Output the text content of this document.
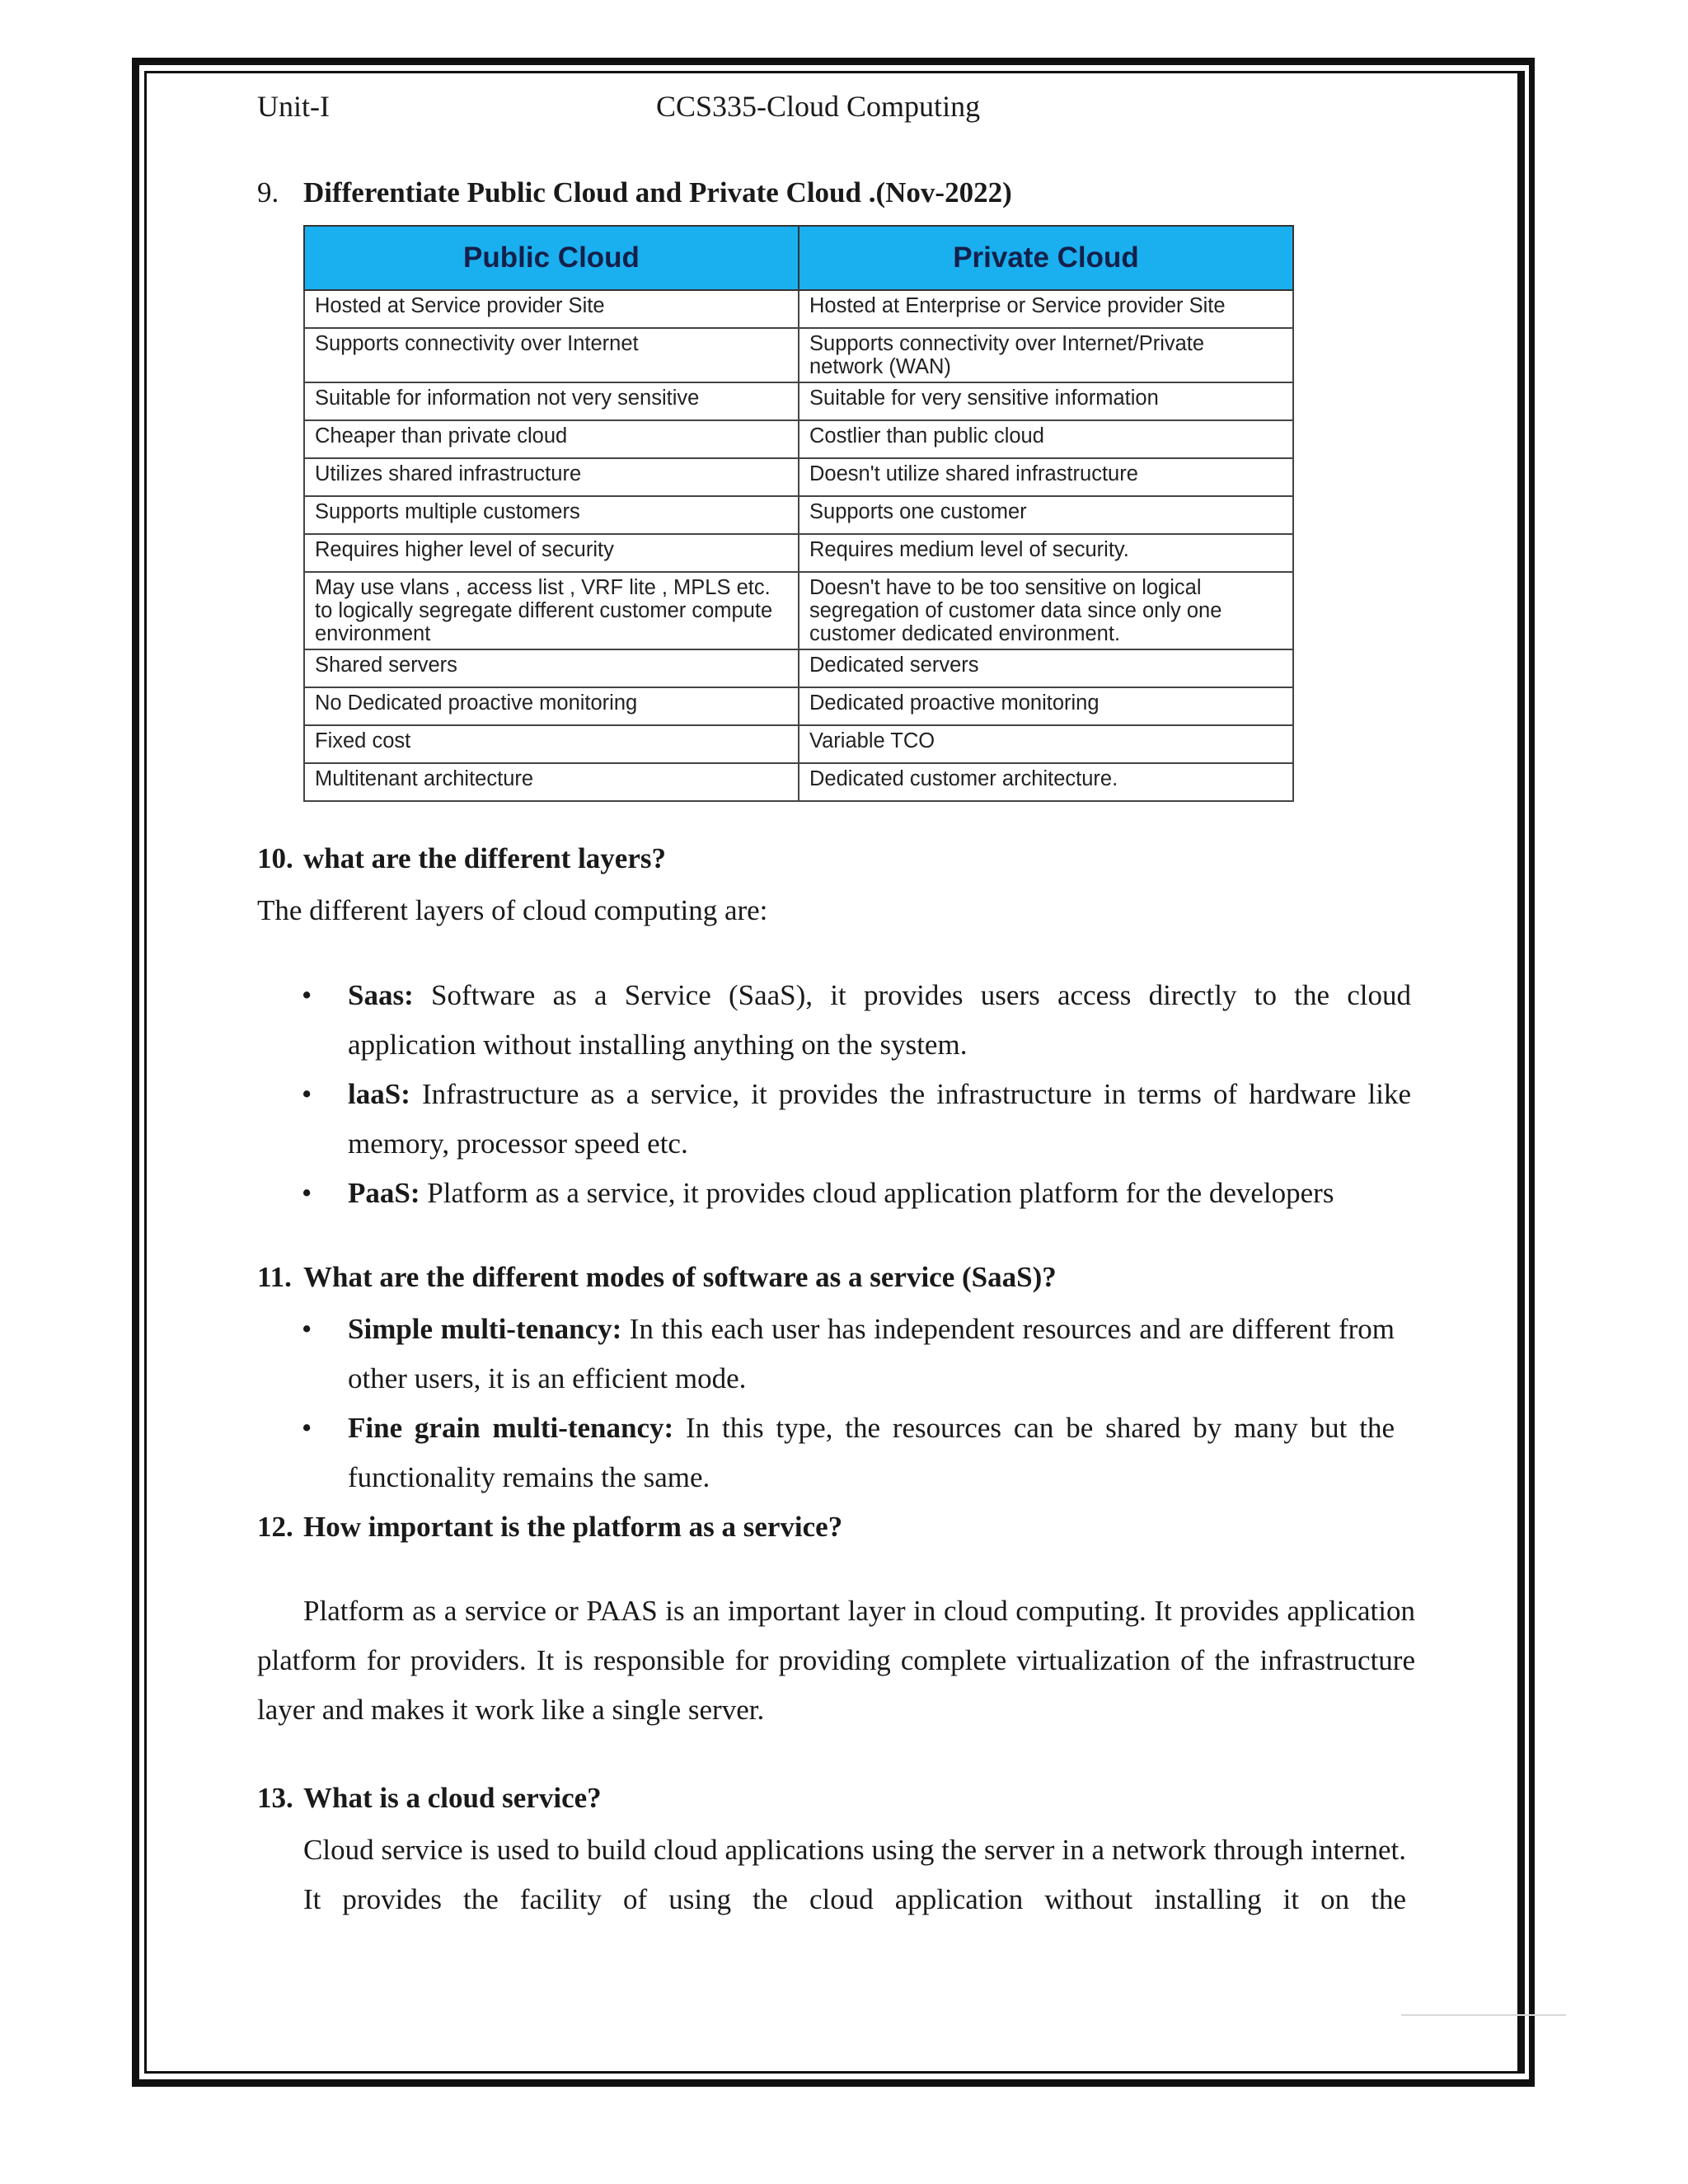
Unit-I	CCS335-Cloud Computing
9. Differentiate Public Cloud and Private Cloud .(Nov-2022)
Public Cloud	Private Cloud
Hosted at Service provider Site	Hosted at Enterprise or Service provider Site
Supports connectivity over Internet	Supports connectivity over Internet/Private network (WAN)
Suitable for information not very sensitive	Suitable for very sensitive information
Cheaper than private cloud	Costlier than public cloud
Utilizes shared infrastructure	Doesn't utilize shared infrastructure
Supports multiple customers	Supports one customer
Requires higher level of security	Requires medium level of security.
May use vlans , access list , VRF lite , MPLS etc. to logically segregate different customer compute environment	Doesn't have to be too sensitive on logical segregation of customer data since only one customer dedicated environment.
Shared servers	Dedicated servers
No Dedicated proactive monitoring	Dedicated proactive monitoring
Fixed cost	Variable TCO
Multitenant architecture	Dedicated customer architecture.
10. what are the different layers?
The different layers of cloud computing are:
• Saas: Software as a Service (SaaS), it provides users access directly to the cloud application without installing anything on the system.
• laaS: Infrastructure as a service, it provides the infrastructure in terms of hardware like memory, processor speed etc.
• PaaS: Platform as a service, it provides cloud application platform for the developers
11. What are the different modes of software as a service (SaaS)?
• Simple multi-tenancy: In this each user has independent resources and are different from other users, it is an efficient mode.
• Fine grain multi-tenancy: In this type, the resources can be shared by many but the functionality remains the same.
12. How important is the platform as a service?
Platform as a service or PAAS is an important layer in cloud computing. It provides application platform for providers. It is responsible for providing complete virtualization of the infrastructure layer and makes it work like a single server.
13. What is a cloud service?
Cloud service is used to build cloud applications using the server in a network through internet. It provides the facility of using the cloud application without installing it on the
